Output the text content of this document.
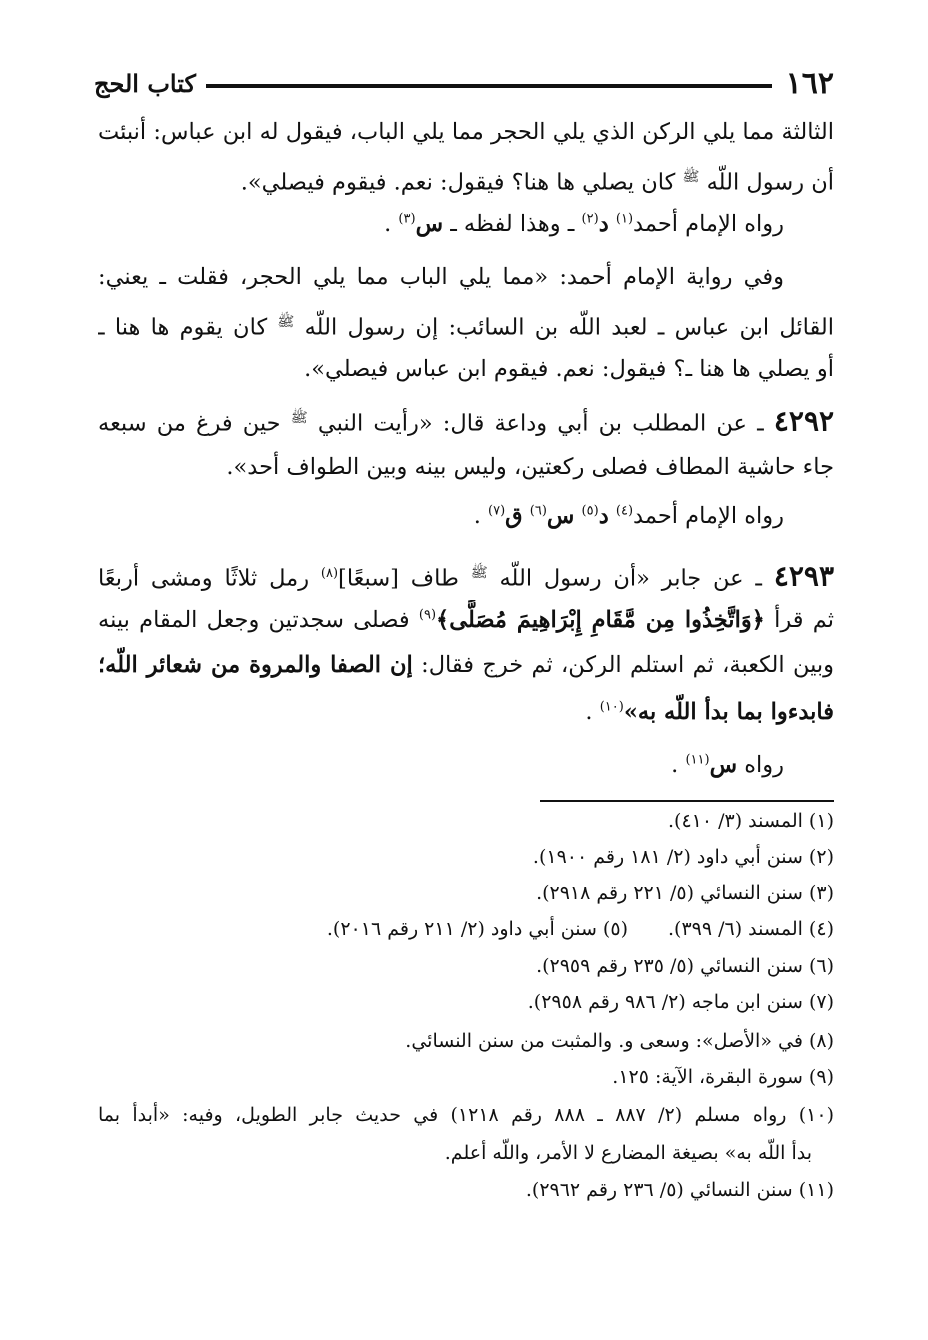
١٦٢
كتاب الحج
الثالثة مما يلي الركن الذي يلي الحجر مما يلي الباب، فيقول له ابن عباس: أنبئت
أن رسول اللّه $^ﷺ$ كان يصلي ها هنا؟ فيقول: نعم. فيقوم فيصلي».
رواه الإمام أحمد$^{(١)}$ د$^{(٢)}$ ـ وهذا لفظه ـ س$^{(٣)}$ .
وفي رواية الإمام أحمد: «مما يلي الباب مما يلي الحجر، فقلت ـ يعني:
القائل ابن عباس ـ لعبد اللّه بن السائب: إن رسول اللّه $^ﷺ$ كان يقوم ها هنا ـ
أو يصلي ها هنا ـ؟ فيقول: نعم. فيقوم ابن عباس فيصلي».
٤٢٩٢ ـ عن المطلب بن أبي وداعة قال: «رأيت النبي $^ﷺ$ حين فرغ من سبعه
جاء حاشية المطاف فصلى ركعتين، وليس بينه وبين الطواف أحد».
رواه الإمام أحمد$^{(٤)}$ د$^{(٥)}$ س$^{(٦)}$ ق$^{(٧)}$ .
٤٢٩٣ ـ عن جابر «أن رسول اللّه $^ﷺ$ طاف [سبعًا]$^{(٨)}$ رمل ثلاثًا ومشى أربعًا
ثم قرأ ﴿وَاتَّخِذُوا مِن مَّقَامِ إِبْرَاهِيمَ مُصَلًّى﴾$^{(٩)}$ فصلى سجدتين وجعل المقام بينه
وبين الكعبة، ثم استلم الركن، ثم خرج فقال: إن الصفا والمروة من شعائر اللّه؛
فابدءوا بما بدأ اللّه به»$^{(١٠)}$ .
رواه س$^{(١١)}$ .
(١) المسند (٣/ ٤١٠).
(٢) سنن أبي داود (٢/ ١٨١ رقم ١٩٠٠).
(٣) سنن النسائي (٥/ ٢٢١ رقم ٢٩١٨).
(٤) المسند (٦/ ٣٩٩).(٥) سنن أبي داود (٢/ ٢١١ رقم ٢٠١٦).
(٦) سنن النسائي (٥/ ٢٣٥ رقم ٢٩٥٩).
(٧) سنن ابن ماجه (٢/ ٩٨٦ رقم ٢٩٥٨).
(٨) في «الأصل»: وسعى و. والمثبت من سنن النسائي.
(٩) سورة البقرة، الآية: ١٢٥.
(١٠) رواه مسلم (٢/ ٨٨٧ ـ ٨٨٨ رقم ١٢١٨) في حديث جابر الطويل، وفيه: «أبدأ بما
بدأ اللّه به» بصيغة المضارع لا الأمر، واللّه أعلم.
(١١) سنن النسائي (٥/ ٢٣٦ رقم ٢٩٦٢).
